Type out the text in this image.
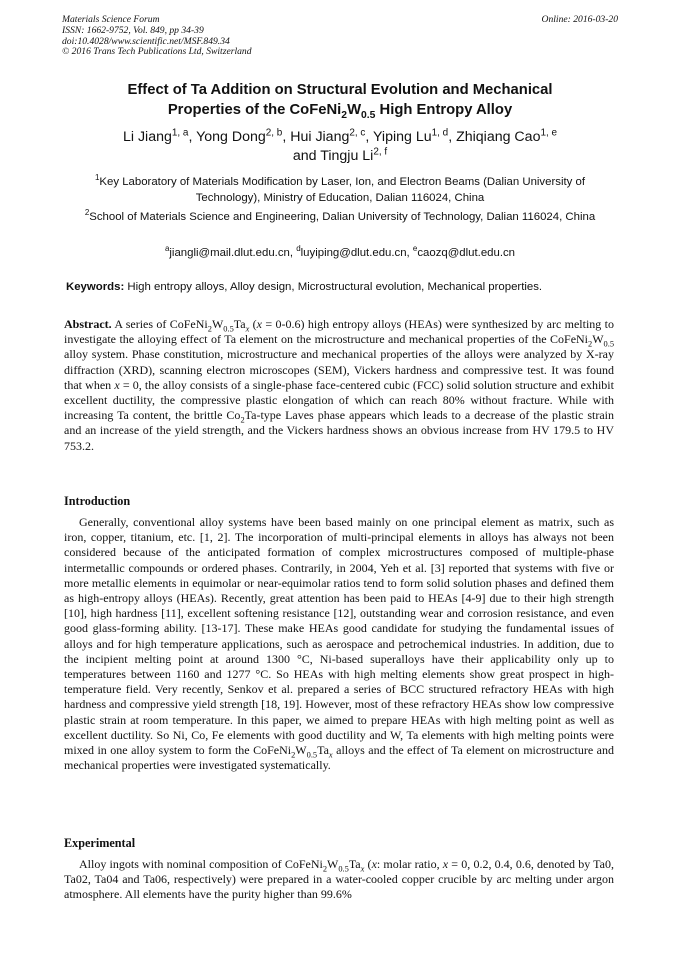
Materials Science Forum
ISSN: 1662-9752, Vol. 849, pp 34-39
doi:10.4028/www.scientific.net/MSF.849.34
© 2016 Trans Tech Publications Ltd, Switzerland
Online: 2016-03-20
Effect of Ta Addition on Structural Evolution and Mechanical
Properties of the $CoFeNi_2W_{0.5}$ High Entropy Alloy
Li Jiang$^{1, a}$, Yong Dong$^{2, b}$, Hui Jiang$^{2, c}$, Yiping Lu$^{1, d}$, Zhiqiang Cao$^{1, e}$
and Tingju Li$^{2, f}$
$^1$Key Laboratory of Materials Modification by Laser, Ion, and Electron Beams (Dalian University of Technology), Ministry of Education, Dalian 116024, China
$^2$School of Materials Science and Engineering, Dalian University of Technology, Dalian 116024, China
$^a$jiangli@mail.dlut.edu.cn, $^d$luyiping@dlut.edu.cn, $^e$caozq@dlut.edu.cn
Keywords: High entropy alloys, Alloy design, Microstructural evolution, Mechanical properties.
Abstract. A series of $CoFeNi_2W_{0.5}Ta_x$ (x = 0-0.6) high entropy alloys (HEAs) were synthesized by arc melting to investigate the alloying effect of Ta element on the microstructure and mechanical properties of the $CoFeNi_2W_{0.5}$ alloy system. Phase constitution, microstructure and mechanical properties of the alloys were analyzed by X-ray diffraction (XRD), scanning electron microscopes (SEM), Vickers hardness and compressive test. It was found that when x = 0, the alloy consists of a single-phase face-centered cubic (FCC) solid solution structure and exhibit excellent ductility, the compressive plastic elongation of which can reach 80% without fracture. While with increasing Ta content, the brittle $Co_2Ta$-type Laves phase appears which leads to a decrease of the plastic strain and an increase of the yield strength, and the Vickers hardness shows an obvious increase from HV 179.5 to HV 753.2.
Introduction
Generally, conventional alloy systems have been based mainly on one principal element as matrix, such as iron, copper, titanium, etc. [1, 2]. The incorporation of multi-principal elements in alloys has always not been considered because of the anticipated formation of complex microstructures composed of multiple-phase intermetallic compounds or ordered phases. Contrarily, in 2004, Yeh et al. [3] reported that systems with five or more metallic elements in equimolar or near-equimolar ratios tend to form solid solution phases and defined them as high-entropy alloys (HEAs). Recently, great attention has been paid to HEAs [4-9] due to their high strength [10], high hardness [11], excellent softening resistance [12], outstanding wear and corrosion resistance, and even good glass-forming ability. [13-17]. These make HEAs good candidate for studying the fundamental issues of alloys and for high temperature applications, such as aerospace and petrochemical industries. In addition, due to the incipient melting point at around 1300 °C, Ni-based superalloys have their applicability only up to temperatures between 1160 and 1277 °C. So HEAs with high melting elements show great prospect in high-temperature field. Very recently, Senkov et al. prepared a series of BCC structured refractory HEAs with high hardness and compressive yield strength [18, 19]. However, most of these refractory HEAs show low compressive plastic strain at room temperature. In this paper, we aimed to prepare HEAs with high melting point as well as excellent ductility. So Ni, Co, Fe elements with good ductility and W, Ta elements with high melting points were mixed in one alloy system to form the $CoFeNi_2W_{0.5}Ta_x$ alloys and the effect of Ta element on microstructure and mechanical properties were investigated systematically.
Experimental
Alloy ingots with nominal composition of $CoFeNi_2W_{0.5}Ta_x$ (x: molar ratio, x = 0, 0.2, 0.4, 0.6, denoted by Ta0, Ta02, Ta04 and Ta06, respectively) were prepared in a water-cooled copper crucible by arc melting under argon atmosphere. All elements have the purity higher than 99.6%
